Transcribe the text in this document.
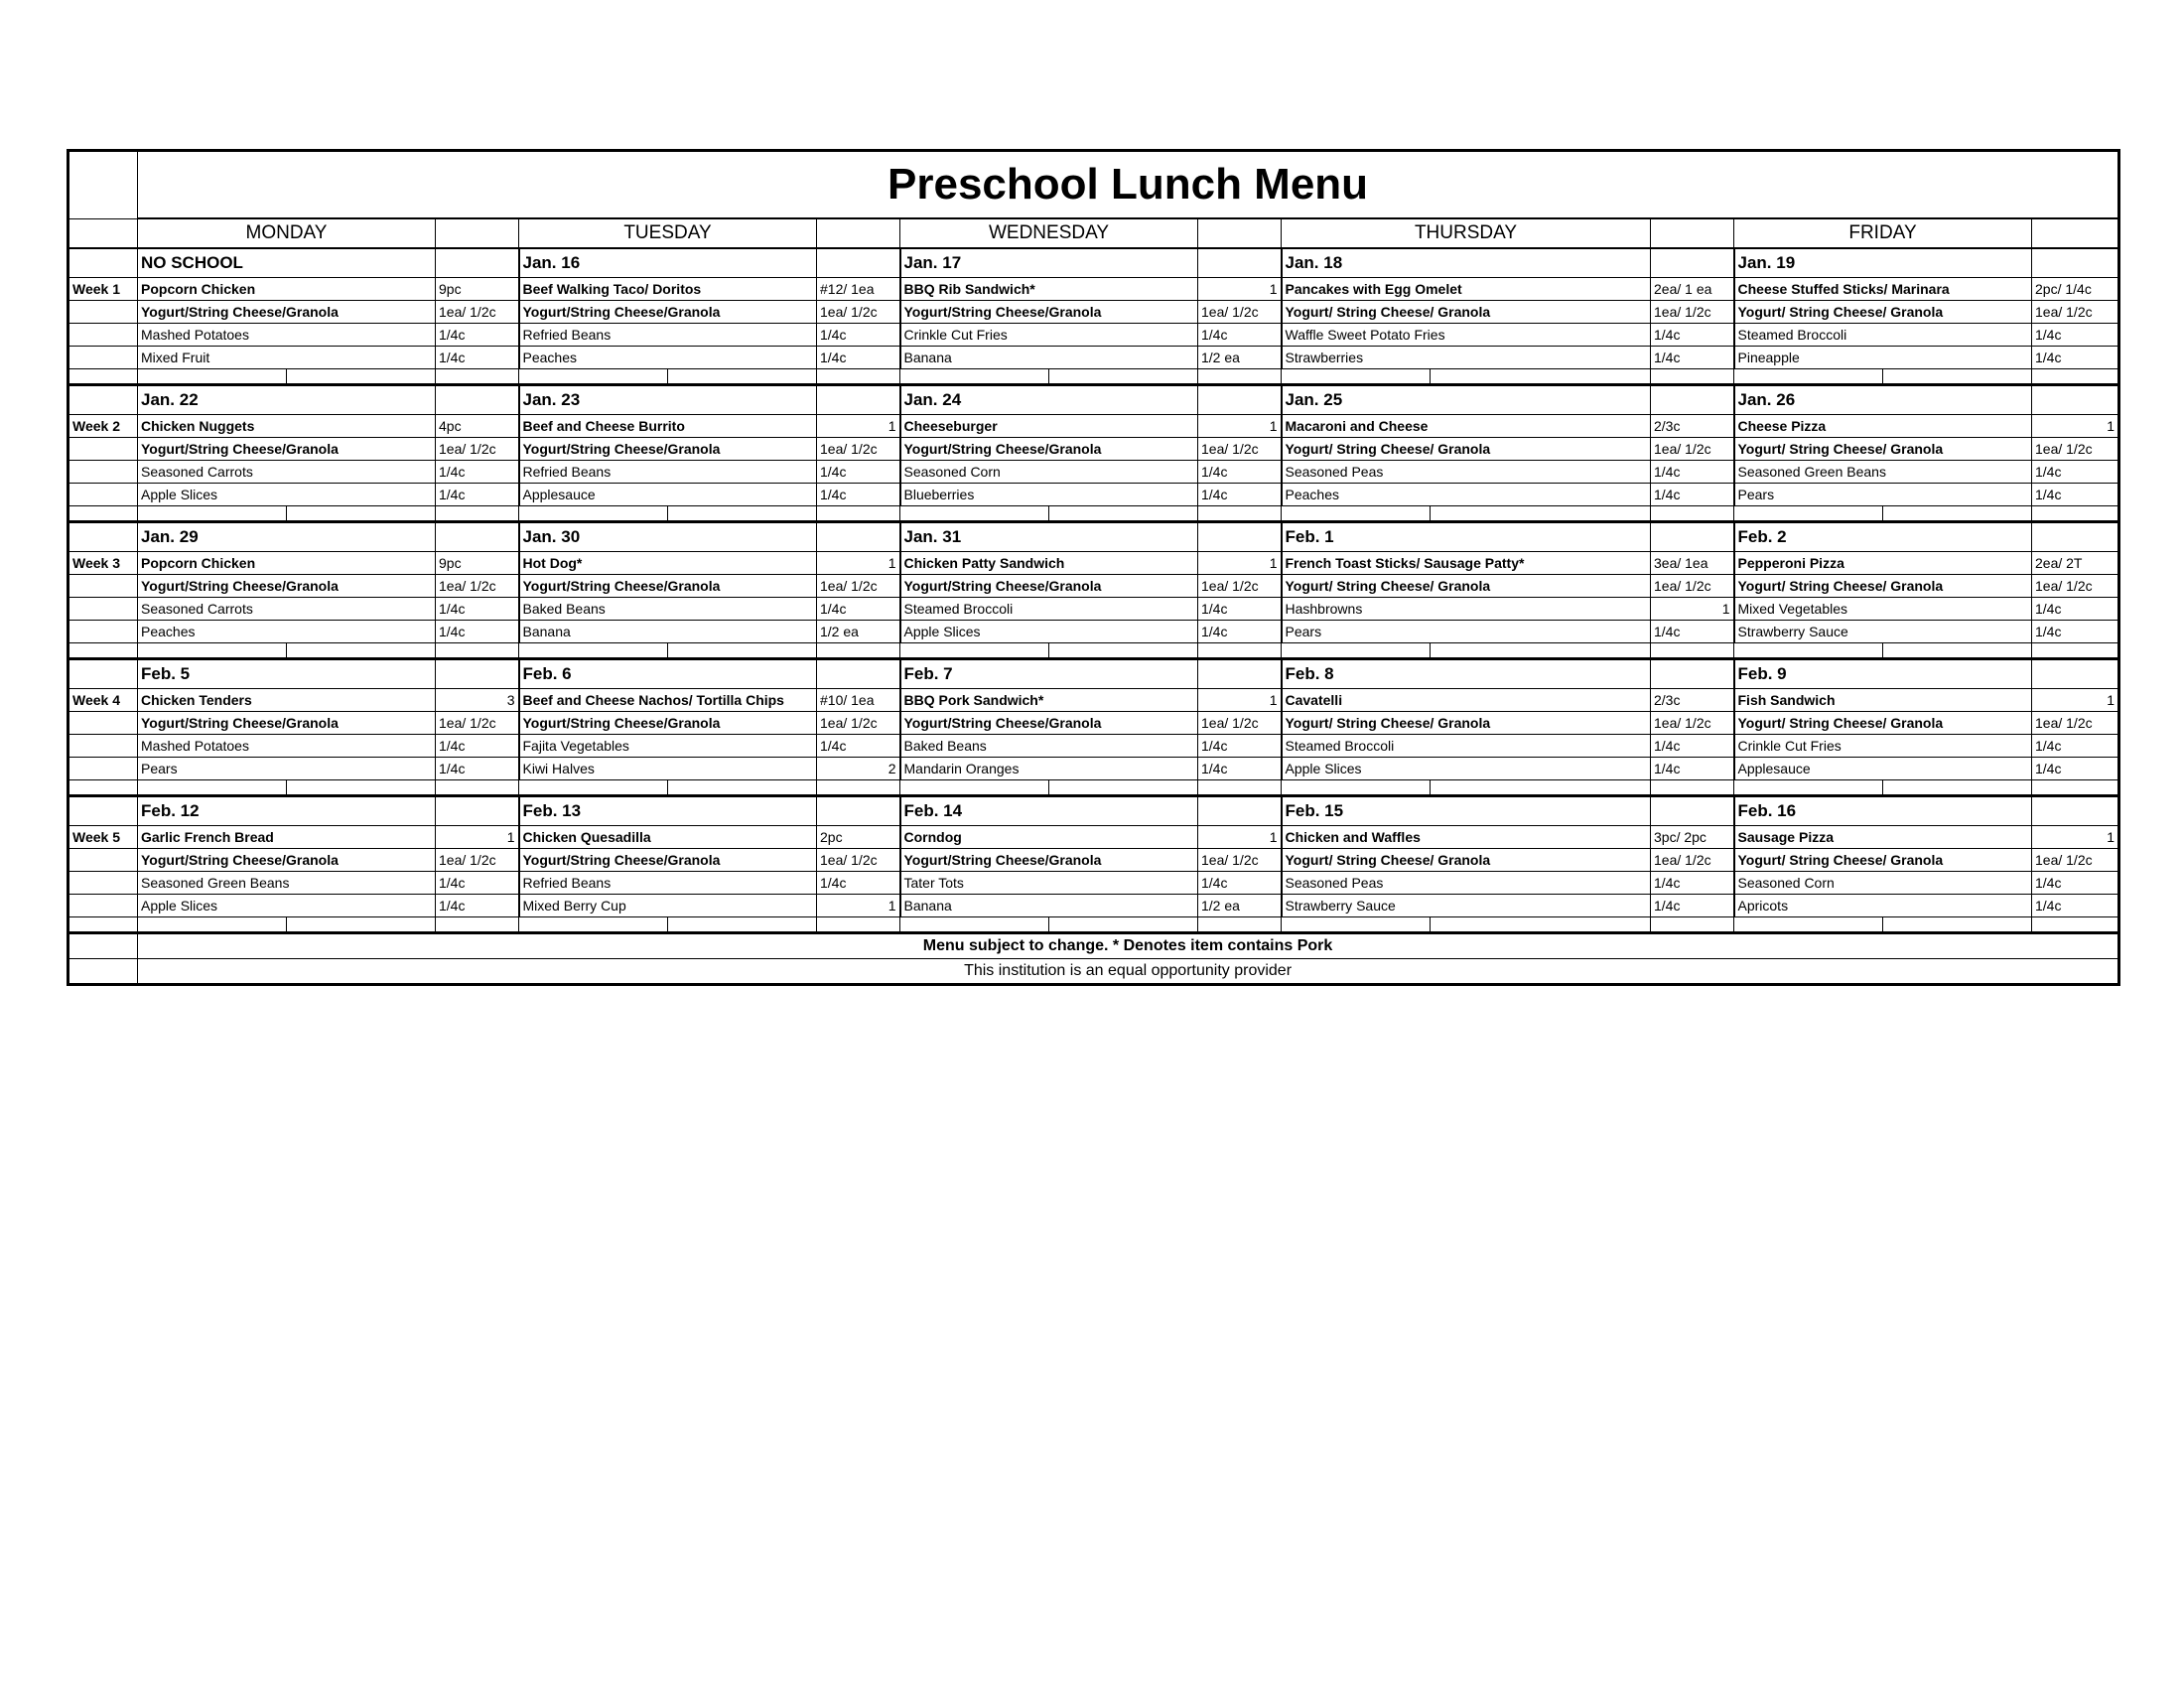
	Preschool Lunch Menu														
	MONDAY			TUESDAY			WEDNESDAY			THURSDAY			FRIDAY		
	NO SCHOOL			Jan. 16			Jan. 17			Jan. 18			Jan. 19		
Week 1	Popcorn Chicken		9pc	Beef Walking Taco/ Doritos		#12/ 1ea	BBQ Rib Sandwich*		1	Pancakes with Egg Omelet		2ea/ 1 ea	Cheese Stuffed Sticks/ Marinara		2pc/ 1/4c
	Yogurt/String Cheese/Granola		1ea/ 1/2c	Yogurt/String Cheese/Granola		1ea/ 1/2c	Yogurt/String Cheese/Granola		1ea/ 1/2c	Yogurt/ String Cheese/ Granola		1ea/ 1/2c	Yogurt/ String Cheese/ Granola		1ea/ 1/2c
	Mashed Potatoes		1/4c	Refried Beans		1/4c	Crinkle Cut Fries		1/4c	Waffle Sweet Potato Fries		1/4c	Steamed Broccoli		1/4c
	Mixed Fruit		1/4c	Peaches		1/4c	Banana		1/2 ea	Strawberries		1/4c	Pineapple		1/4c

	Jan. 22			Jan. 23			Jan. 24			Jan. 25			Jan. 26		
Week 2	Chicken Nuggets		4pc	Beef and Cheese Burrito		1	Cheeseburger		1	Macaroni and Cheese		2/3c	Cheese Pizza		1
	Yogurt/String Cheese/Granola		1ea/ 1/2c	Yogurt/String Cheese/Granola		1ea/ 1/2c	Yogurt/String Cheese/Granola		1ea/ 1/2c	Yogurt/ String Cheese/ Granola		1ea/ 1/2c	Yogurt/ String Cheese/ Granola		1ea/ 1/2c
	Seasoned Carrots		1/4c	Refried Beans		1/4c	Seasoned Corn		1/4c	Seasoned Peas		1/4c	Seasoned Green Beans		1/4c
	Apple Slices		1/4c	Applesauce		1/4c	Blueberries		1/4c	Peaches		1/4c	Pears		1/4c

	Jan. 29			Jan. 30			Jan. 31			Feb. 1			Feb. 2		
Week 3	Popcorn Chicken		9pc	Hot Dog*		1	Chicken Patty Sandwich		1	French Toast Sticks/ Sausage Patty*		3ea/ 1ea	Pepperoni Pizza		2ea/ 2T
	Yogurt/String Cheese/Granola		1ea/ 1/2c	Yogurt/String Cheese/Granola		1ea/ 1/2c	Yogurt/String Cheese/Granola		1ea/ 1/2c	Yogurt/ String Cheese/ Granola		1ea/ 1/2c	Yogurt/ String Cheese/ Granola		1ea/ 1/2c
	Seasoned Carrots		1/4c	Baked Beans		1/4c	Steamed Broccoli		1/4c	Hashbrowns		1	Mixed Vegetables		1/4c
	Peaches		1/4c	Banana		1/2 ea	Apple Slices		1/4c	Pears		1/4c	Strawberry Sauce		1/4c

	Feb. 5			Feb. 6			Feb. 7			Feb. 8			Feb. 9		
Week 4	Chicken Tenders		3	Beef and Cheese Nachos/ Tortilla Chips		#10/ 1ea	BBQ Pork Sandwich*		1	Cavatelli		2/3c	Fish Sandwich		1
	Yogurt/String Cheese/Granola		1ea/ 1/2c	Yogurt/String Cheese/Granola		1ea/ 1/2c	Yogurt/String Cheese/Granola		1ea/ 1/2c	Yogurt/ String Cheese/ Granola		1ea/ 1/2c	Yogurt/ String Cheese/ Granola		1ea/ 1/2c
	Mashed Potatoes		1/4c	Fajita Vegetables		1/4c	Baked Beans		1/4c	Steamed Broccoli		1/4c	Crinkle Cut Fries		1/4c
	Pears		1/4c	Kiwi Halves		2	Mandarin Oranges		1/4c	Apple Slices		1/4c	Applesauce		1/4c

	Feb. 12			Feb. 13			Feb. 14			Feb. 15			Feb. 16		
Week 5	Garlic French Bread		1	Chicken Quesadilla		2pc	Corndog		1	Chicken and Waffles		3pc/ 2pc	Sausage Pizza		1
	Yogurt/String Cheese/Granola		1ea/ 1/2c	Yogurt/String Cheese/Granola		1ea/ 1/2c	Yogurt/String Cheese/Granola		1ea/ 1/2c	Yogurt/ String Cheese/ Granola		1ea/ 1/2c	Yogurt/ String Cheese/ Granola		1ea/ 1/2c
	Seasoned Green Beans		1/4c	Refried Beans		1/4c	Tater Tots		1/4c	Seasoned Peas		1/4c	Seasoned Corn		1/4c
	Apple Slices		1/4c	Mixed Berry Cup		1	Banana		1/2 ea	Strawberry Sauce		1/4c	Apricots		1/4c

	Menu subject to change. * Denotes item contains Pork														
	This institution is an equal opportunity provider														
